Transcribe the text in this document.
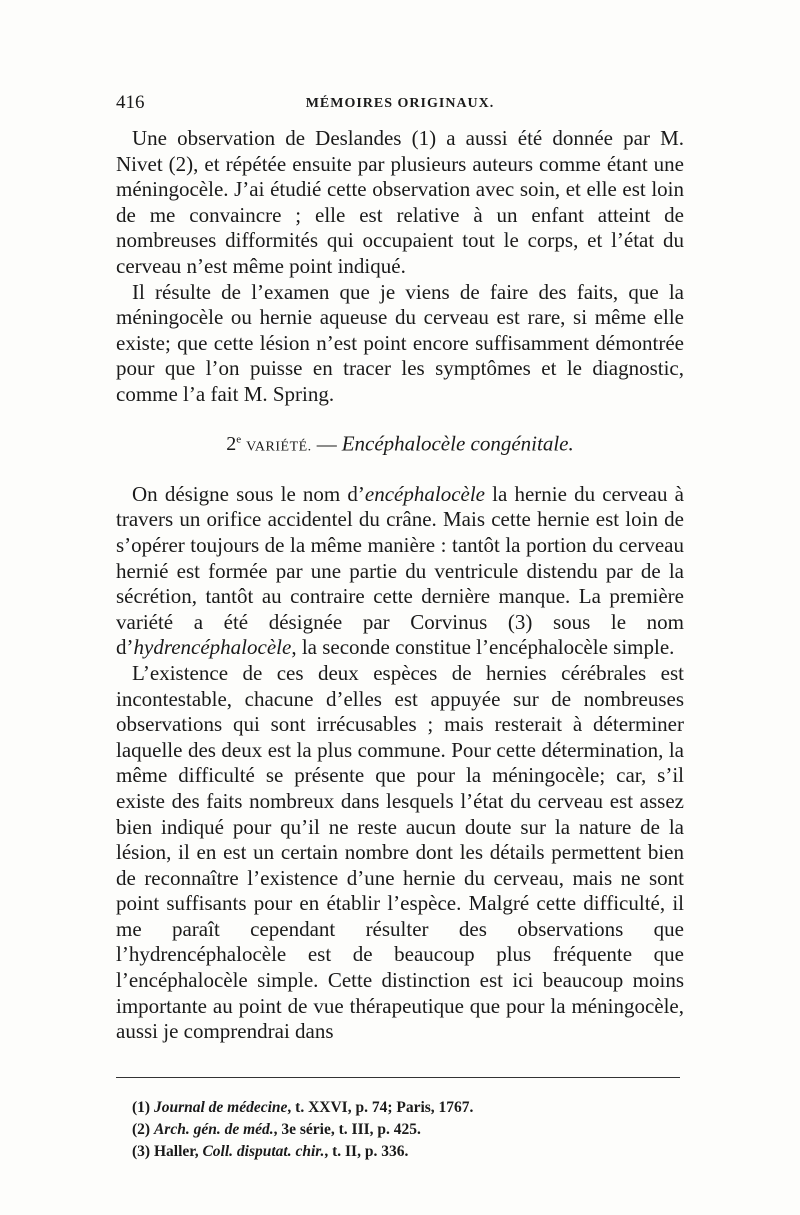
416	MÉMOIRES ORIGINAUX.

Une observation de Deslandes (1) a aussi été donnée par M. Nivet (2), et répétée ensuite par plusieurs auteurs comme étant une méningocèle. J’ai étudié cette observation avec soin, et elle est loin de me convaincre ; elle est relative à un enfant atteint de nombreuses difformités qui occupaient tout le corps, et l’état du cerveau n’est même point indiqué.

Il résulte de l’examen que je viens de faire des faits, que la méningocèle ou hernie aqueuse du cerveau est rare, si même elle existe; que cette lésion n’est point encore suffisamment démontrée pour que l’on puisse en tracer les symptômes et le diagnostic, comme l’a fait M. Spring.

2e VARIÉTÉ. — Encéphalocèle congénitale.

On désigne sous le nom d’encéphalocèle la hernie du cerveau à travers un orifice accidentel du crâne. Mais cette hernie est loin de s’opérer toujours de la même manière : tantôt la portion du cerveau hernié est formée par une partie du ventricule distendu par de la sécrétion, tantôt au contraire cette dernière manque. La première variété a été désignée par Corvinus (3) sous le nom d’hydrencéphalocèle, la seconde constitue l’encéphalocèle simple.

L’existence de ces deux espèces de hernies cérébrales est incontestable, chacune d’elles est appuyée sur de nombreuses observations qui sont irrécusables ; mais resterait à déterminer laquelle des deux est la plus commune. Pour cette détermination, la même difficulté se présente que pour la méningocèle; car, s’il existe des faits nombreux dans lesquels l’état du cerveau est assez bien indiqué pour qu’il ne reste aucun doute sur la nature de la lésion, il en est un certain nombre dont les détails permettent bien de reconnaître l’existence d’une hernie du cerveau, mais ne sont point suffisants pour en établir l’espèce. Malgré cette difficulté, il me paraît cependant résulter des observations que l’hydrencéphalocèle est de beaucoup plus fréquente que l’encéphalocèle simple. Cette distinction est ici beaucoup moins importante au point de vue thérapeutique que pour la méningocèle, aussi je comprendrai dans

(1) Journal de médecine, t. XXVI, p. 74; Paris, 1767.
(2) Arch. gén. de méd., 3e série, t. III, p. 425.
(3) Haller, Coll. disputat. chir., t. II, p. 336.
